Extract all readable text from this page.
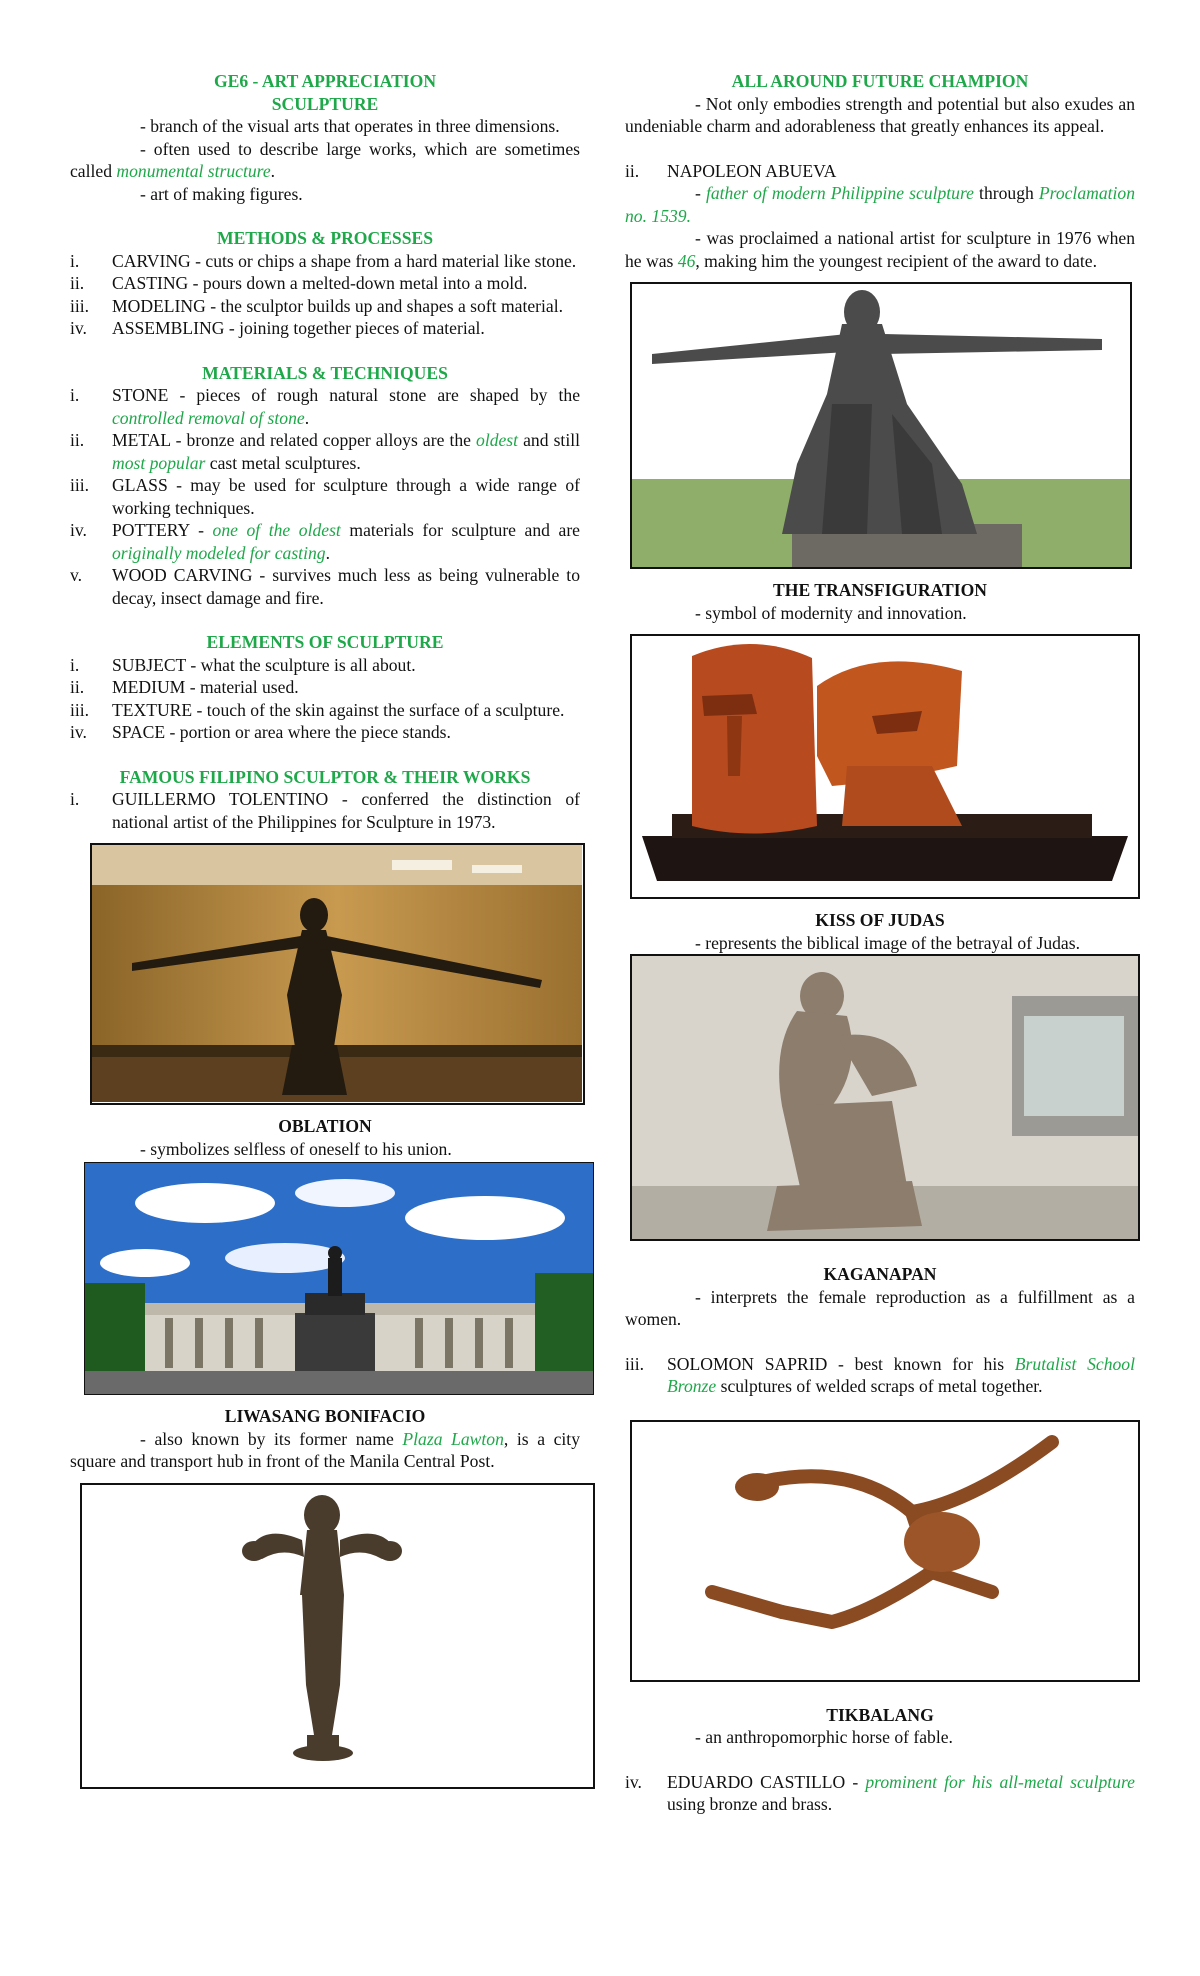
GE6 - ART APPRECIATION

SCULPTURE

- branch of the visual arts that operates in three dimensions.

- often used to describe large works, which are sometimes called monumental structure.

- art of making figures.

METHODS & PROCESSES

i. CARVING - cuts or chips a shape from a hard material like stone.

ii. CASTING - pours down a melted-down metal into a mold.

iii. MODELING - the sculptor builds up and shapes a soft material.

iv. ASSEMBLING - joining together pieces of material.

MATERIALS & TECHNIQUES

i. STONE - pieces of rough natural stone are shaped by the controlled removal of stone.

ii. METAL - bronze and related copper alloys are the oldest and still most popular cast metal sculptures.

iii. GLASS - may be used for sculpture through a wide range of working techniques.

iv. POTTERY - one of the oldest materials for sculpture and are originally modeled for casting.

v. WOOD CARVING - survives much less as being vulnerable to decay, insect damage and fire.

ELEMENTS OF SCULPTURE

i. SUBJECT - what the sculpture is all about.

ii. MEDIUM - material used.

iii. TEXTURE - touch of the skin against the surface of a sculpture.

iv. SPACE - portion or area where the piece stands.

FAMOUS FILIPINO SCULPTOR & THEIR WORKS

i. GUILLERMO TOLENTINO - conferred the distinction of national artist of the Philippines for Sculpture in 1973.

OBLATION

- symbolizes selfless of oneself to his union.

LIWASANG BONIFACIO

- also known by its former name Plaza Lawton, is a city square and transport hub in front of the Manila Central Post.

ALL AROUND FUTURE CHAMPION

- Not only embodies strength and potential but also exudes an undeniable charm and adorableness that greatly enhances its appeal.

ii. NAPOLEON ABUEVA

- father of modern Philippine sculpture through Proclamation no. 1539.

- was proclaimed a national artist for sculpture in 1976 when he was 46, making him the youngest recipient of the award to date.

THE TRANSFIGURATION

- symbol of modernity and innovation.

KISS OF JUDAS

- represents the biblical image of the betrayal of Judas.

KAGANAPAN

- interprets the female reproduction as a fulfillment as a women.

iii. SOLOMON SAPRID - best known for his Brutalist School Bronze sculptures of welded scraps of metal together.

TIKBALANG

- an anthropomorphic horse of fable.

iv. EDUARDO CASTILLO - prominent for his all-metal sculpture using bronze and brass.
